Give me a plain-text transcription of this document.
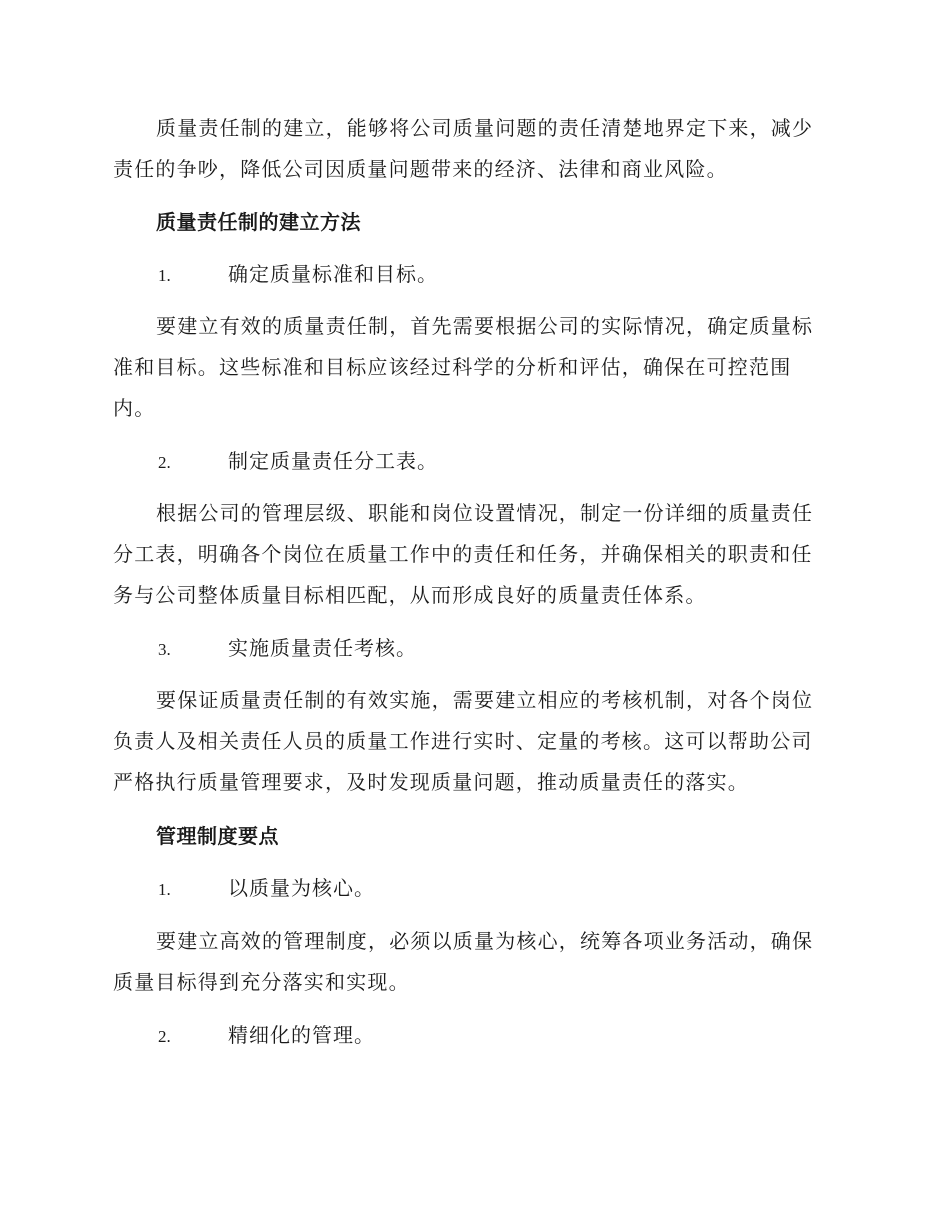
质量责任制的建立，能够将公司质量问题的责任清楚地界定下来，减少责任的争吵，降低公司因质量问题带来的经济、法律和商业风险。

质量责任制的建立方法

1.	确定质量标准和目标。

要建立有效的质量责任制，首先需要根据公司的实际情况，确定质量标准和目标。这些标准和目标应该经过科学的分析和评估，确保在可控范围内。

2.	制定质量责任分工表。

根据公司的管理层级、职能和岗位设置情况，制定一份详细的质量责任分工表，明确各个岗位在质量工作中的责任和任务，并确保相关的职责和任务与公司整体质量目标相匹配，从而形成良好的质量责任体系。

3.	实施质量责任考核。

要保证质量责任制的有效实施，需要建立相应的考核机制，对各个岗位负责人及相关责任人员的质量工作进行实时、定量的考核。这可以帮助公司严格执行质量管理要求，及时发现质量问题，推动质量责任的落实。

管理制度要点

1.	以质量为核心。

要建立高效的管理制度，必须以质量为核心，统筹各项业务活动，确保质量目标得到充分落实和实现。

2.	精细化的管理。
